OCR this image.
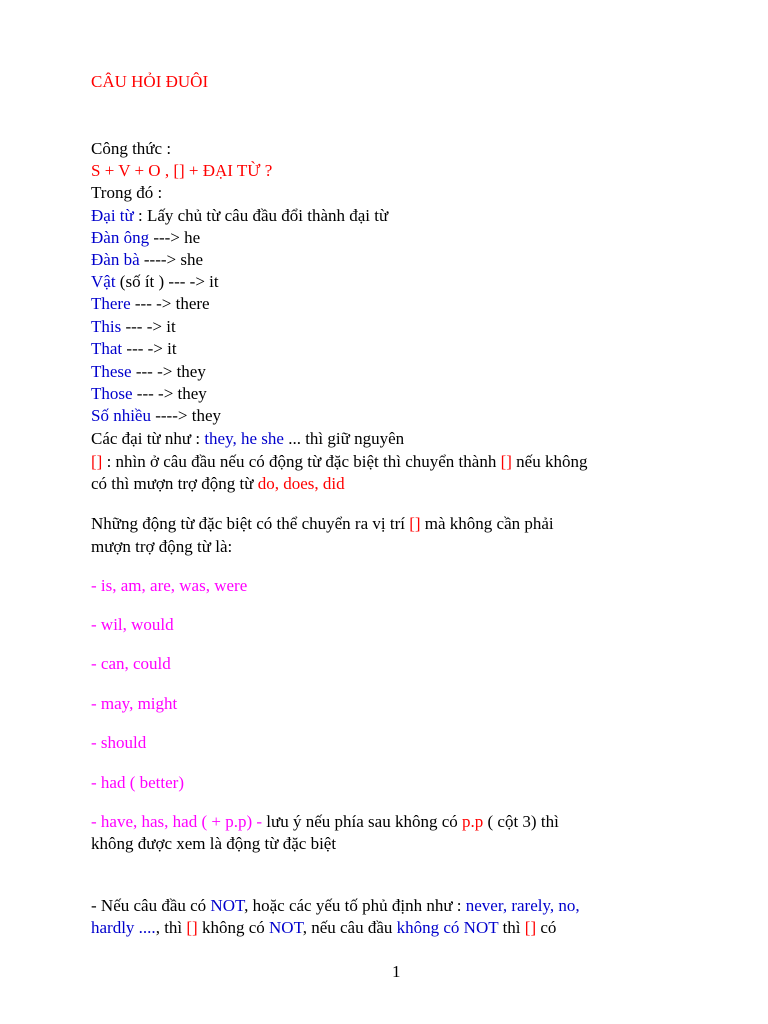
CÂU HỎI ĐUÔI
Công thức :
S + V + O , [] + ĐẠI TỪ ?
Trong đó :
Đại từ : Lấy chủ từ câu đầu đổi thành đại từ
Đàn ông ---> he
Đàn bà ----> she
Vật (số ít ) --- -> it
There --- -> there
This --- -> it
That --- -> it
These --- -> they
Those --- -> they
Số nhiều ----> they
Các đại từ như : they, he she ... thì giữ nguyên
[] : nhìn ở câu đầu nếu có động từ đặc biệt thì chuyển thành [] nếu không
có thì mượn trợ động từ do, does, did
Những động từ đặc biệt có thể chuyển ra vị trí [] mà không cần phải
mượn trợ động từ là:
- is, am, are, was, were
- wil, would
- can, could
- may, might
- should
- had ( better)
- have, has, had ( + p.p) - lưu ý nếu phía sau không có p.p ( cột 3) thì
không được xem là động từ đặc biệt
- Nếu câu đầu có NOT, hoặc các yếu tố phủ định như : never, rarely, no,
hardly ...., thì [] không có NOT, nếu câu đầu không có NOT thì [] có
1
